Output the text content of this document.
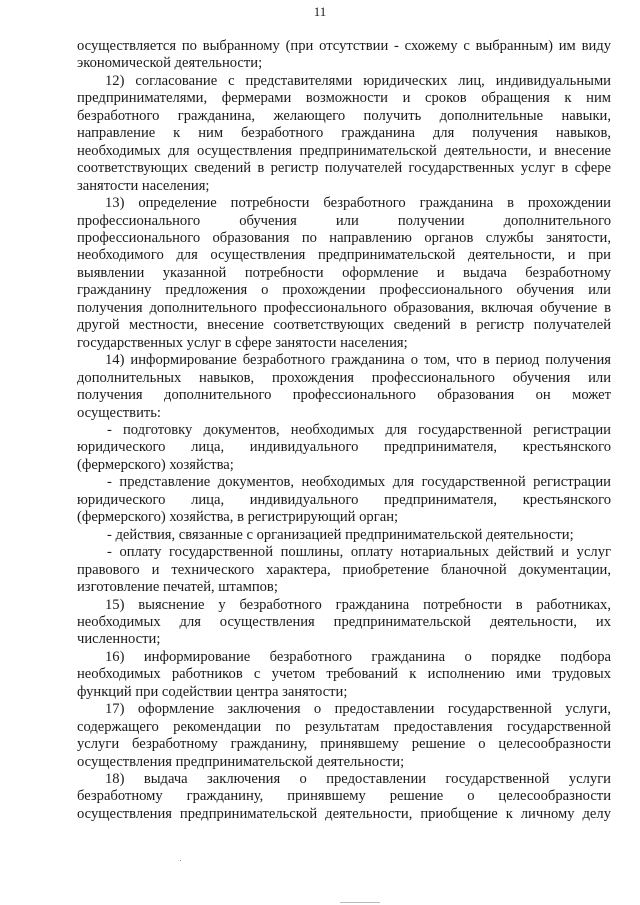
11
осуществляется по выбранному (при отсутствии - схожему с выбранным) им виду
экономической деятельности;
12) согласование с представителями юридических лиц, индивидуальными
предпринимателями, фермерами возможности и сроков обращения к ним
безработного гражданина, желающего получить дополнительные навыки,
направление к ним безработного гражданина для получения навыков,
необходимых для осуществления предпринимательской деятельности, и внесение
соответствующих сведений в регистр получателей государственных услуг в сфере
занятости населения;
13) определение потребности безработного гражданина в прохождении
профессионального обучения или получении дополнительного
профессионального образования по направлению органов службы занятости,
необходимого для осуществления предпринимательской деятельности, и при
выявлении указанной потребности оформление и выдача безработному
гражданину предложения о прохождении профессионального обучения или
получения дополнительного профессионального образования, включая обучение в
другой местности, внесение соответствующих сведений в регистр получателей
государственных услуг в сфере занятости населения;
14) информирование безработного гражданина о том, что в период получения
дополнительных навыков, прохождения профессионального обучения или
получения дополнительного профессионального образования он может
осуществить:
- подготовку документов, необходимых для государственной регистрации
юридического лица, индивидуального предпринимателя, крестьянского
(фермерского) хозяйства;
- представление документов, необходимых для государственной регистрации
юридического лица, индивидуального предпринимателя, крестьянского
(фермерского) хозяйства, в регистрирующий орган;
- действия, связанные с организацией предпринимательской деятельности;
- оплату государственной пошлины, оплату нотариальных действий и услуг
правового и технического характера, приобретение бланочной документации,
изготовление печатей, штампов;
15) выяснение у безработного гражданина потребности в работниках,
необходимых для осуществления предпринимательской деятельности, их
численности;
16) информирование безработного гражданина о порядке подбора
необходимых работников с учетом требований к исполнению ими трудовых
функций при содействии центра занятости;
17) оформление заключения о предоставлении государственной услуги,
содержащего рекомендации по результатам предоставления государственной
услуги безработному гражданину, принявшему решение о целесообразности
осуществления предпринимательской деятельности;
18) выдача заключения о предоставлении государственной услуги
безработному гражданину, принявшему решение о целесообразности
осуществления предпринимательской деятельности, приобщение к личному делу
